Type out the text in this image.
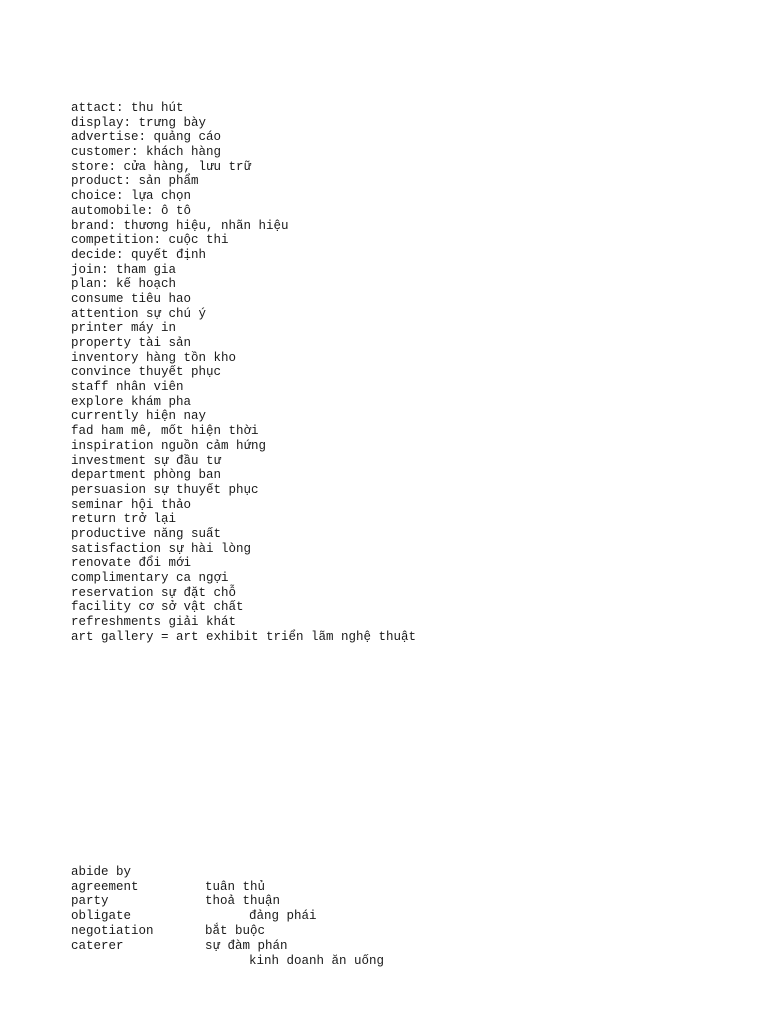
attact: thu hút
display: trưng bày
advertise: quảng cáo
customer: khách hàng
store: cửa hàng, lưu trữ
product: sản phẩm
choice: lựa chọn
automobile: ô tô
brand: thương hiệu, nhãn hiệu
competition: cuộc thi
decide: quyết định
join: tham gia
plan: kế hoạch
consume tiêu hao
attention sự chú ý
printer máy in
property tài sản
inventory hàng tồn kho
convince thuyết phục
staff nhân viên
explore khám pha
currently hiện nay
fad ham mê, mốt hiện thời
inspiration nguồn cảm hứng
investment sự đầu tư
department phòng ban
persuasion sự thuyết phục
seminar hội thảo
return trở lại
productive năng suất
satisfaction sự hài lòng
renovate đổi mới
complimentary ca ngợi
reservation sự đặt chỗ
facility cơ sở vật chất
refreshments giải khát
art gallery = art exhibit triển lãm nghệ thuật

abide by

tuân thủ

agreement

thoả thuận

party

đảng phái

obligate

bắt buộc

negotiation

sự đàm phán

caterer

kinh doanh ăn uống
